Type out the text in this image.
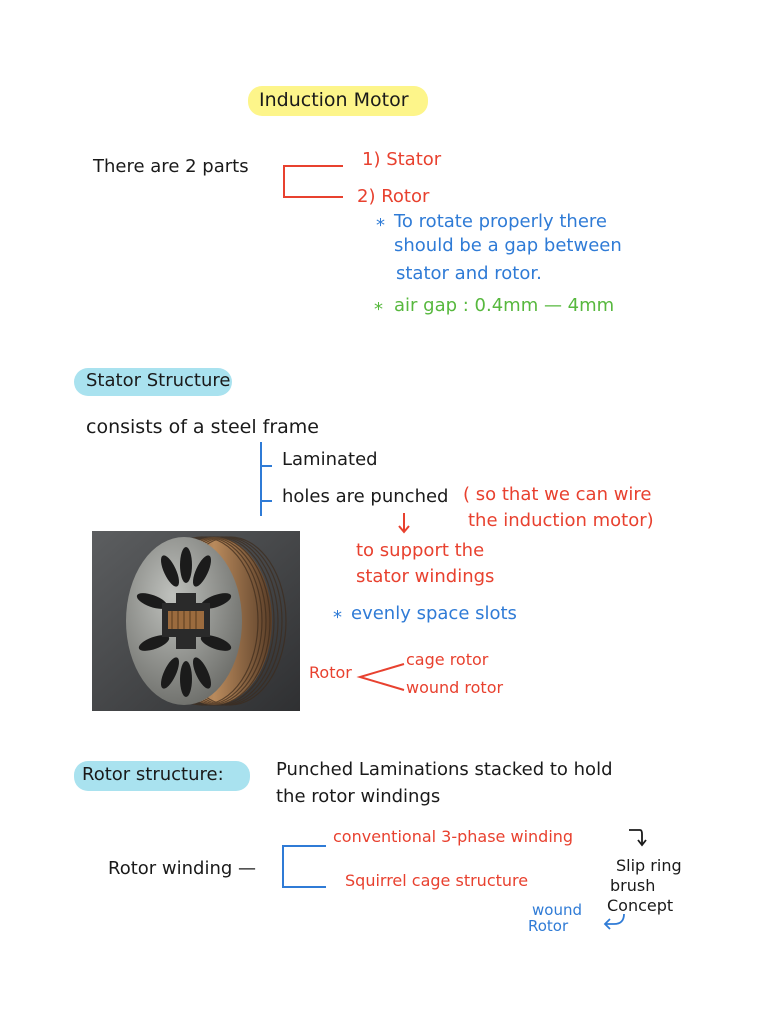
Induction Motor
There are 2 parts	1) Stator
2) Rotor
* To rotate properly there
should be a gap between
stator and rotor.
* air gap : 0.4mm — 4mm
Stator Structure
consists of a steel frame
Laminated
holes are punched ( so that we can wire
the induction motor)
to support the
stator windings
* evenly space slots
Rotor
cage rotor
wound rotor
Rotor structure:	Punched Laminations stacked to hold
the rotor windings
Rotor winding —
conventional 3-phase winding
Squirrel cage structure
Slip ring
brush
Concept
wound
Rotor
